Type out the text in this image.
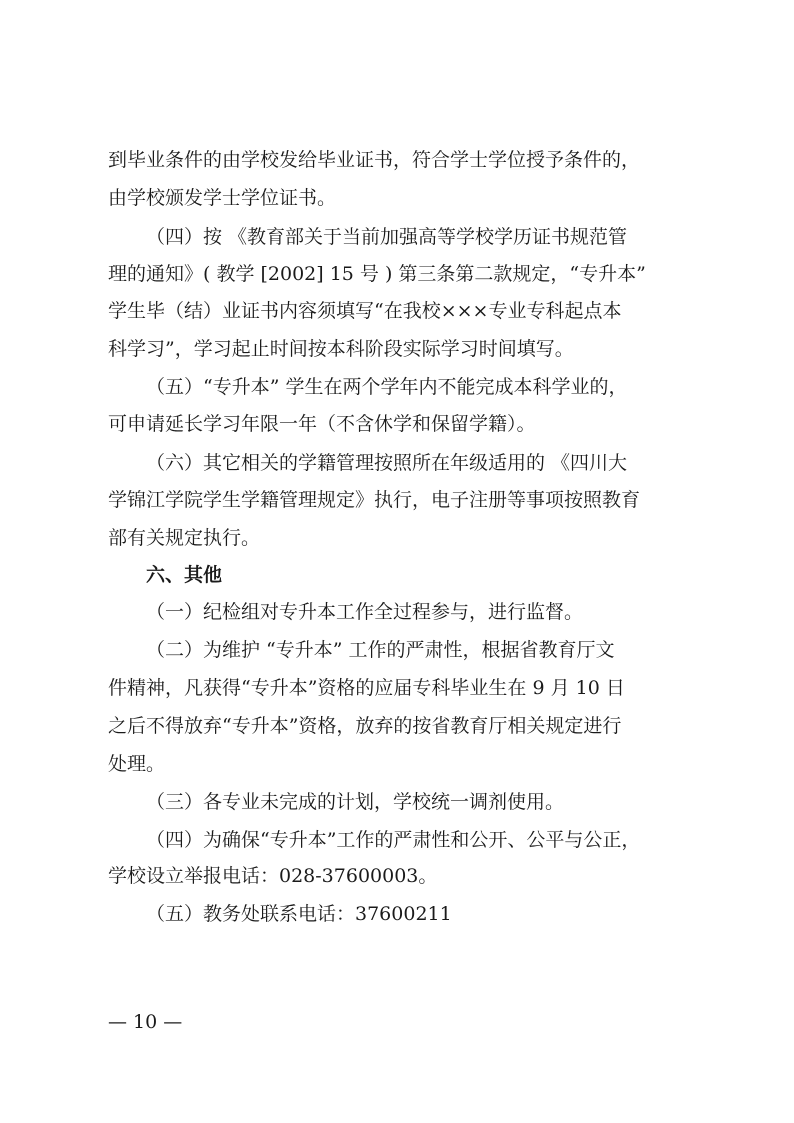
到毕业条件的由学校发给毕业证书，符合学士学位授予条件的，
由学校颁发学士学位证书。
（四）按 《教育部关于当前加强高等学校学历证书规范管
理的通知》( 教学 [2002] 15 号 ) 第三条第二款规定，“专升本”
学生毕（结）业证书内容须填写“在我校×××专业专科起点本
科学习”，学习起止时间按本科阶段实际学习时间填写。
（五）“专升本” 学生在两个学年内不能完成本科学业的，
可申请延长学习年限一年（不含休学和保留学籍）。
（六）其它相关的学籍管理按照所在年级适用的 《四川大
学锦江学院学生学籍管理规定》执行，电子注册等事项按照教育
部有关规定执行。
六、其他
（一）纪检组对专升本工作全过程参与，进行监督。
（二）为维护 “专升本” 工作的严肃性，根据省教育厅文
件精神，凡获得“专升本”资格的应届专科毕业生在 9 月 10 日
之后不得放弃“专升本”资格，放弃的按省教育厅相关规定进行
处理。
（三）各专业未完成的计划，学校统一调剂使用。
（四）为确保“专升本”工作的严肃性和公开、公平与公正，
学校设立举报电话：028-37600003。
（五）教务处联系电话：37600211
— 10 —
